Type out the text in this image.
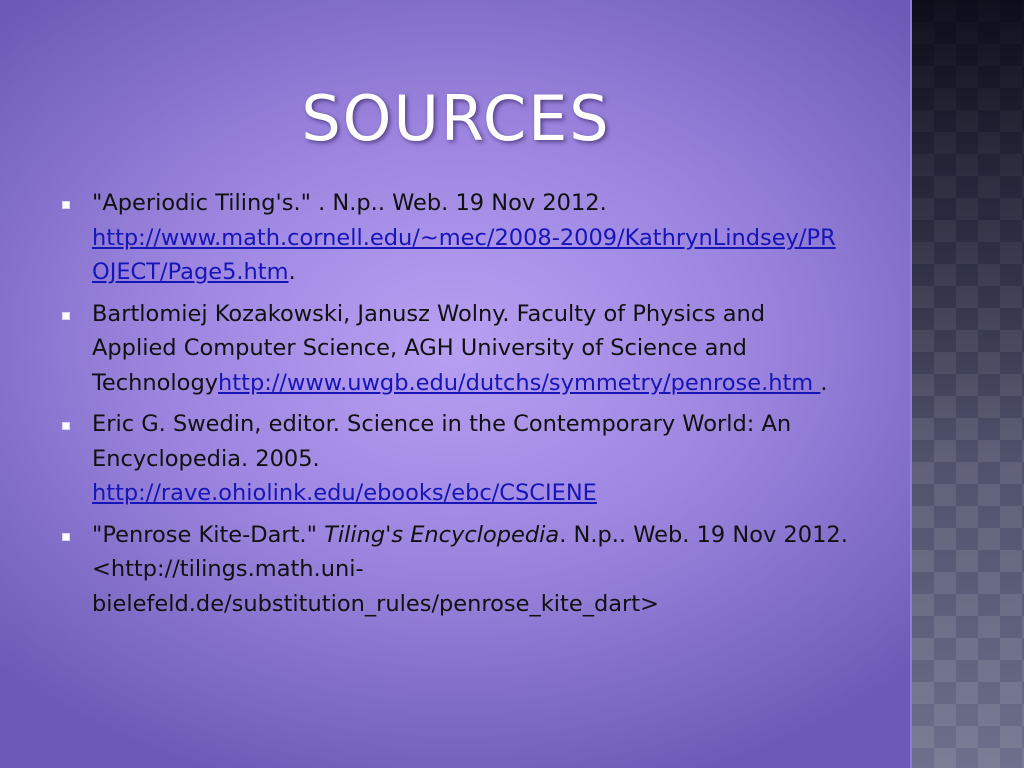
SOURCES
"Aperiodic Tiling's." . N.p.. Web. 19 Nov 2012.
http://www.math.cornell.edu/~mec/2008-2009/KathrynLindsey/PROJECT/Page5.htm.
Bartlomiej Kozakowski, Janusz Wolny. Faculty of Physics and Applied Computer Science, AGH University of Science and Technologyhttp://www.uwgb.edu/dutchs/symmetry/penrose.htm .
Eric G. Swedin, editor. Science in the Contemporary World: An Encyclopedia. 2005.
http://rave.ohiolink.edu/ebooks/ebc/CSCIENE
"Penrose Kite-Dart." Tiling's Encyclopedia. N.p.. Web. 19 Nov 2012. <http://tilings.math.uni-bielefeld.de/substitution_rules/penrose_kite_dart>
